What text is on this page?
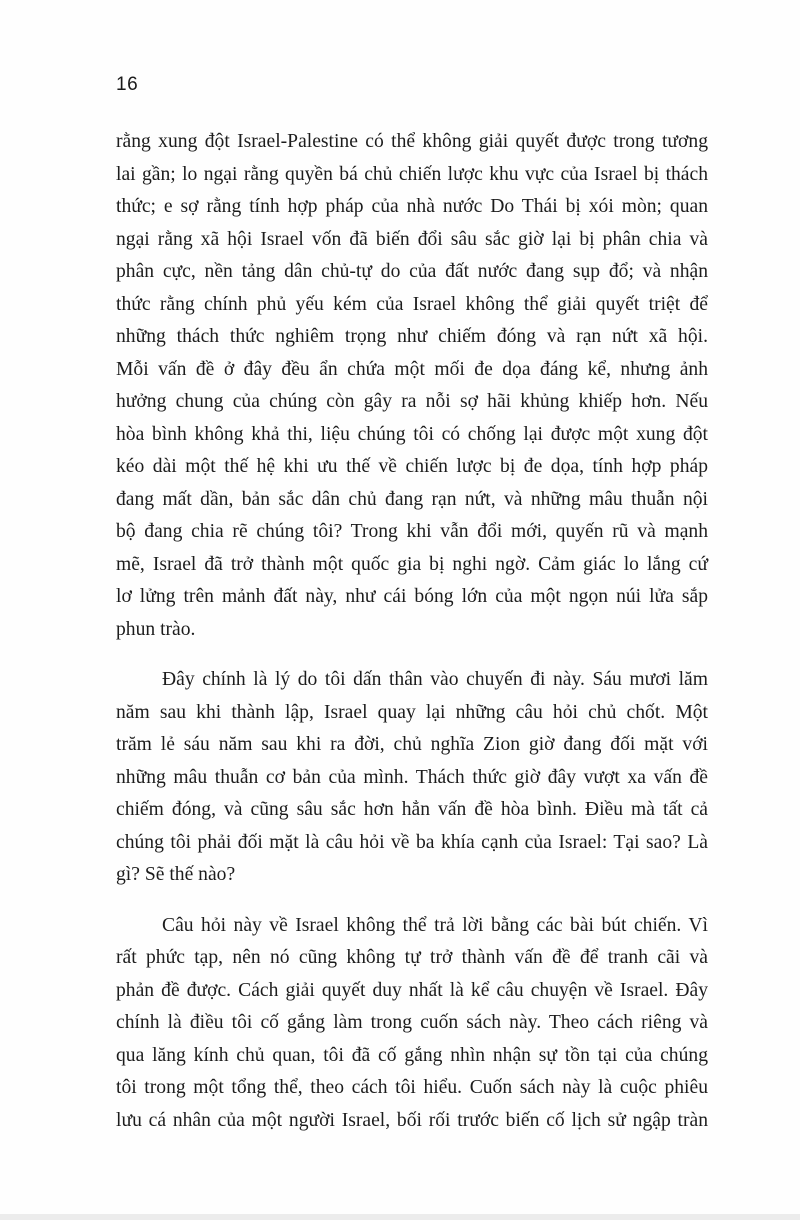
16
rằng xung đột Israel-Palestine có thể không giải quyết được trong tương
lai gần; lo ngại rằng quyền bá chủ chiến lược khu vực của Israel bị thách
thức; e sợ rằng tính hợp pháp của nhà nước Do Thái bị xói mòn; quan
ngại rằng xã hội Israel vốn đã biến đổi sâu sắc giờ lại bị phân chia và
phân cực, nền tảng dân chủ-tự do của đất nước đang sụp đổ; và nhận
thức rằng chính phủ yếu kém của Israel không thể giải quyết triệt để
những thách thức nghiêm trọng như chiếm đóng và rạn nứt xã hội.
Mỗi vấn đề ở đây đều ẩn chứa một mối đe dọa đáng kể, nhưng ảnh
hưởng chung của chúng còn gây ra nỗi sợ hãi khủng khiếp hơn. Nếu
hòa bình không khả thi, liệu chúng tôi có chống lại được một xung đột
kéo dài một thế hệ khi ưu thế về chiến lược bị đe dọa, tính hợp pháp
đang mất dần, bản sắc dân chủ đang rạn nứt, và những mâu thuẫn nội
bộ đang chia rẽ chúng tôi? Trong khi vẫn đổi mới, quyến rũ và mạnh
mẽ, Israel đã trở thành một quốc gia bị nghi ngờ. Cảm giác lo lắng cứ
lơ lửng trên mảnh đất này, như cái bóng lớn của một ngọn núi lửa sắp
phun trào.
Đây chính là lý do tôi dấn thân vào chuyến đi này. Sáu mươi lăm
năm sau khi thành lập, Israel quay lại những câu hỏi chủ chốt. Một
trăm lẻ sáu năm sau khi ra đời, chủ nghĩa Zion giờ đang đối mặt với
những mâu thuẫn cơ bản của mình. Thách thức giờ đây vượt xa vấn đề
chiếm đóng, và cũng sâu sắc hơn hẳn vấn đề hòa bình. Điều mà tất cả
chúng tôi phải đối mặt là câu hỏi về ba khía cạnh của Israel: Tại sao? Là
gì? Sẽ thế nào?
Câu hỏi này về Israel không thể trả lời bằng các bài bút chiến. Vì
rất phức tạp, nên nó cũng không tự trở thành vấn đề để tranh cãi và
phản đề được. Cách giải quyết duy nhất là kể câu chuyện về Israel. Đây
chính là điều tôi cố gắng làm trong cuốn sách này. Theo cách riêng và
qua lăng kính chủ quan, tôi đã cố gắng nhìn nhận sự tồn tại của chúng
tôi trong một tổng thể, theo cách tôi hiểu. Cuốn sách này là cuộc phiêu
lưu cá nhân của một người Israel, bối rối trước biến cố lịch sử ngập tràn
